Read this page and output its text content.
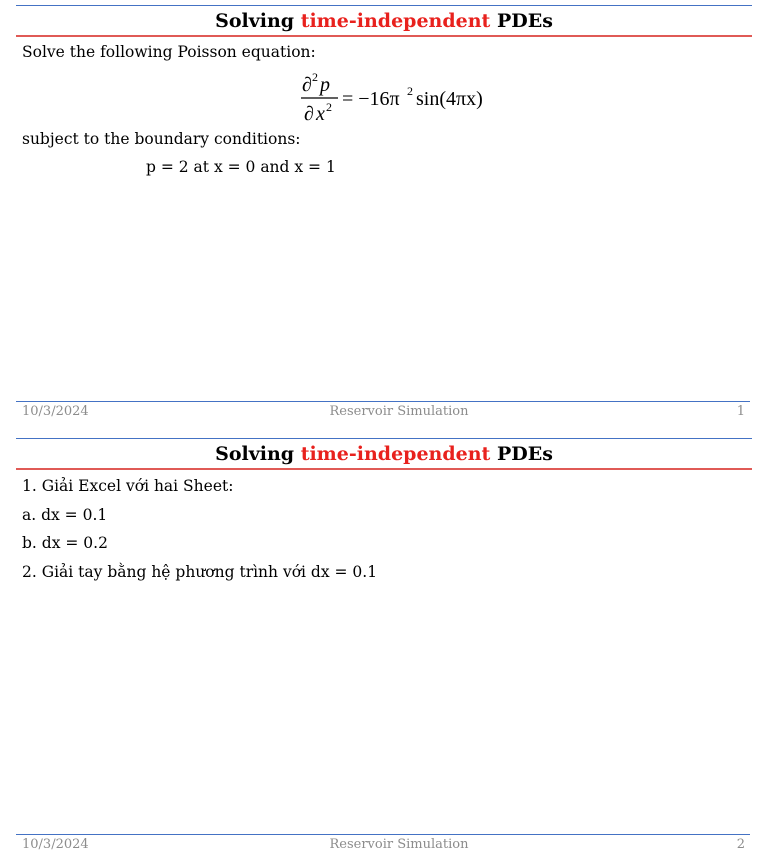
Solving time-independent PDEs
Solve the following Poisson equation:
∂ 2 p
∂ x 2 = −16π 2 sin(4πx)
subject to the boundary conditions:
p = 2 at x = 0 and x = 1
10/3/2024	Reservoir Simulation	1
Solving time-independent PDEs
1. Giải Excel với hai Sheet:
a. dx = 0.1
b. dx = 0.2
2. Giải tay bằng hệ phương trình với dx = 0.1
10/3/2024	Reservoir Simulation	2
